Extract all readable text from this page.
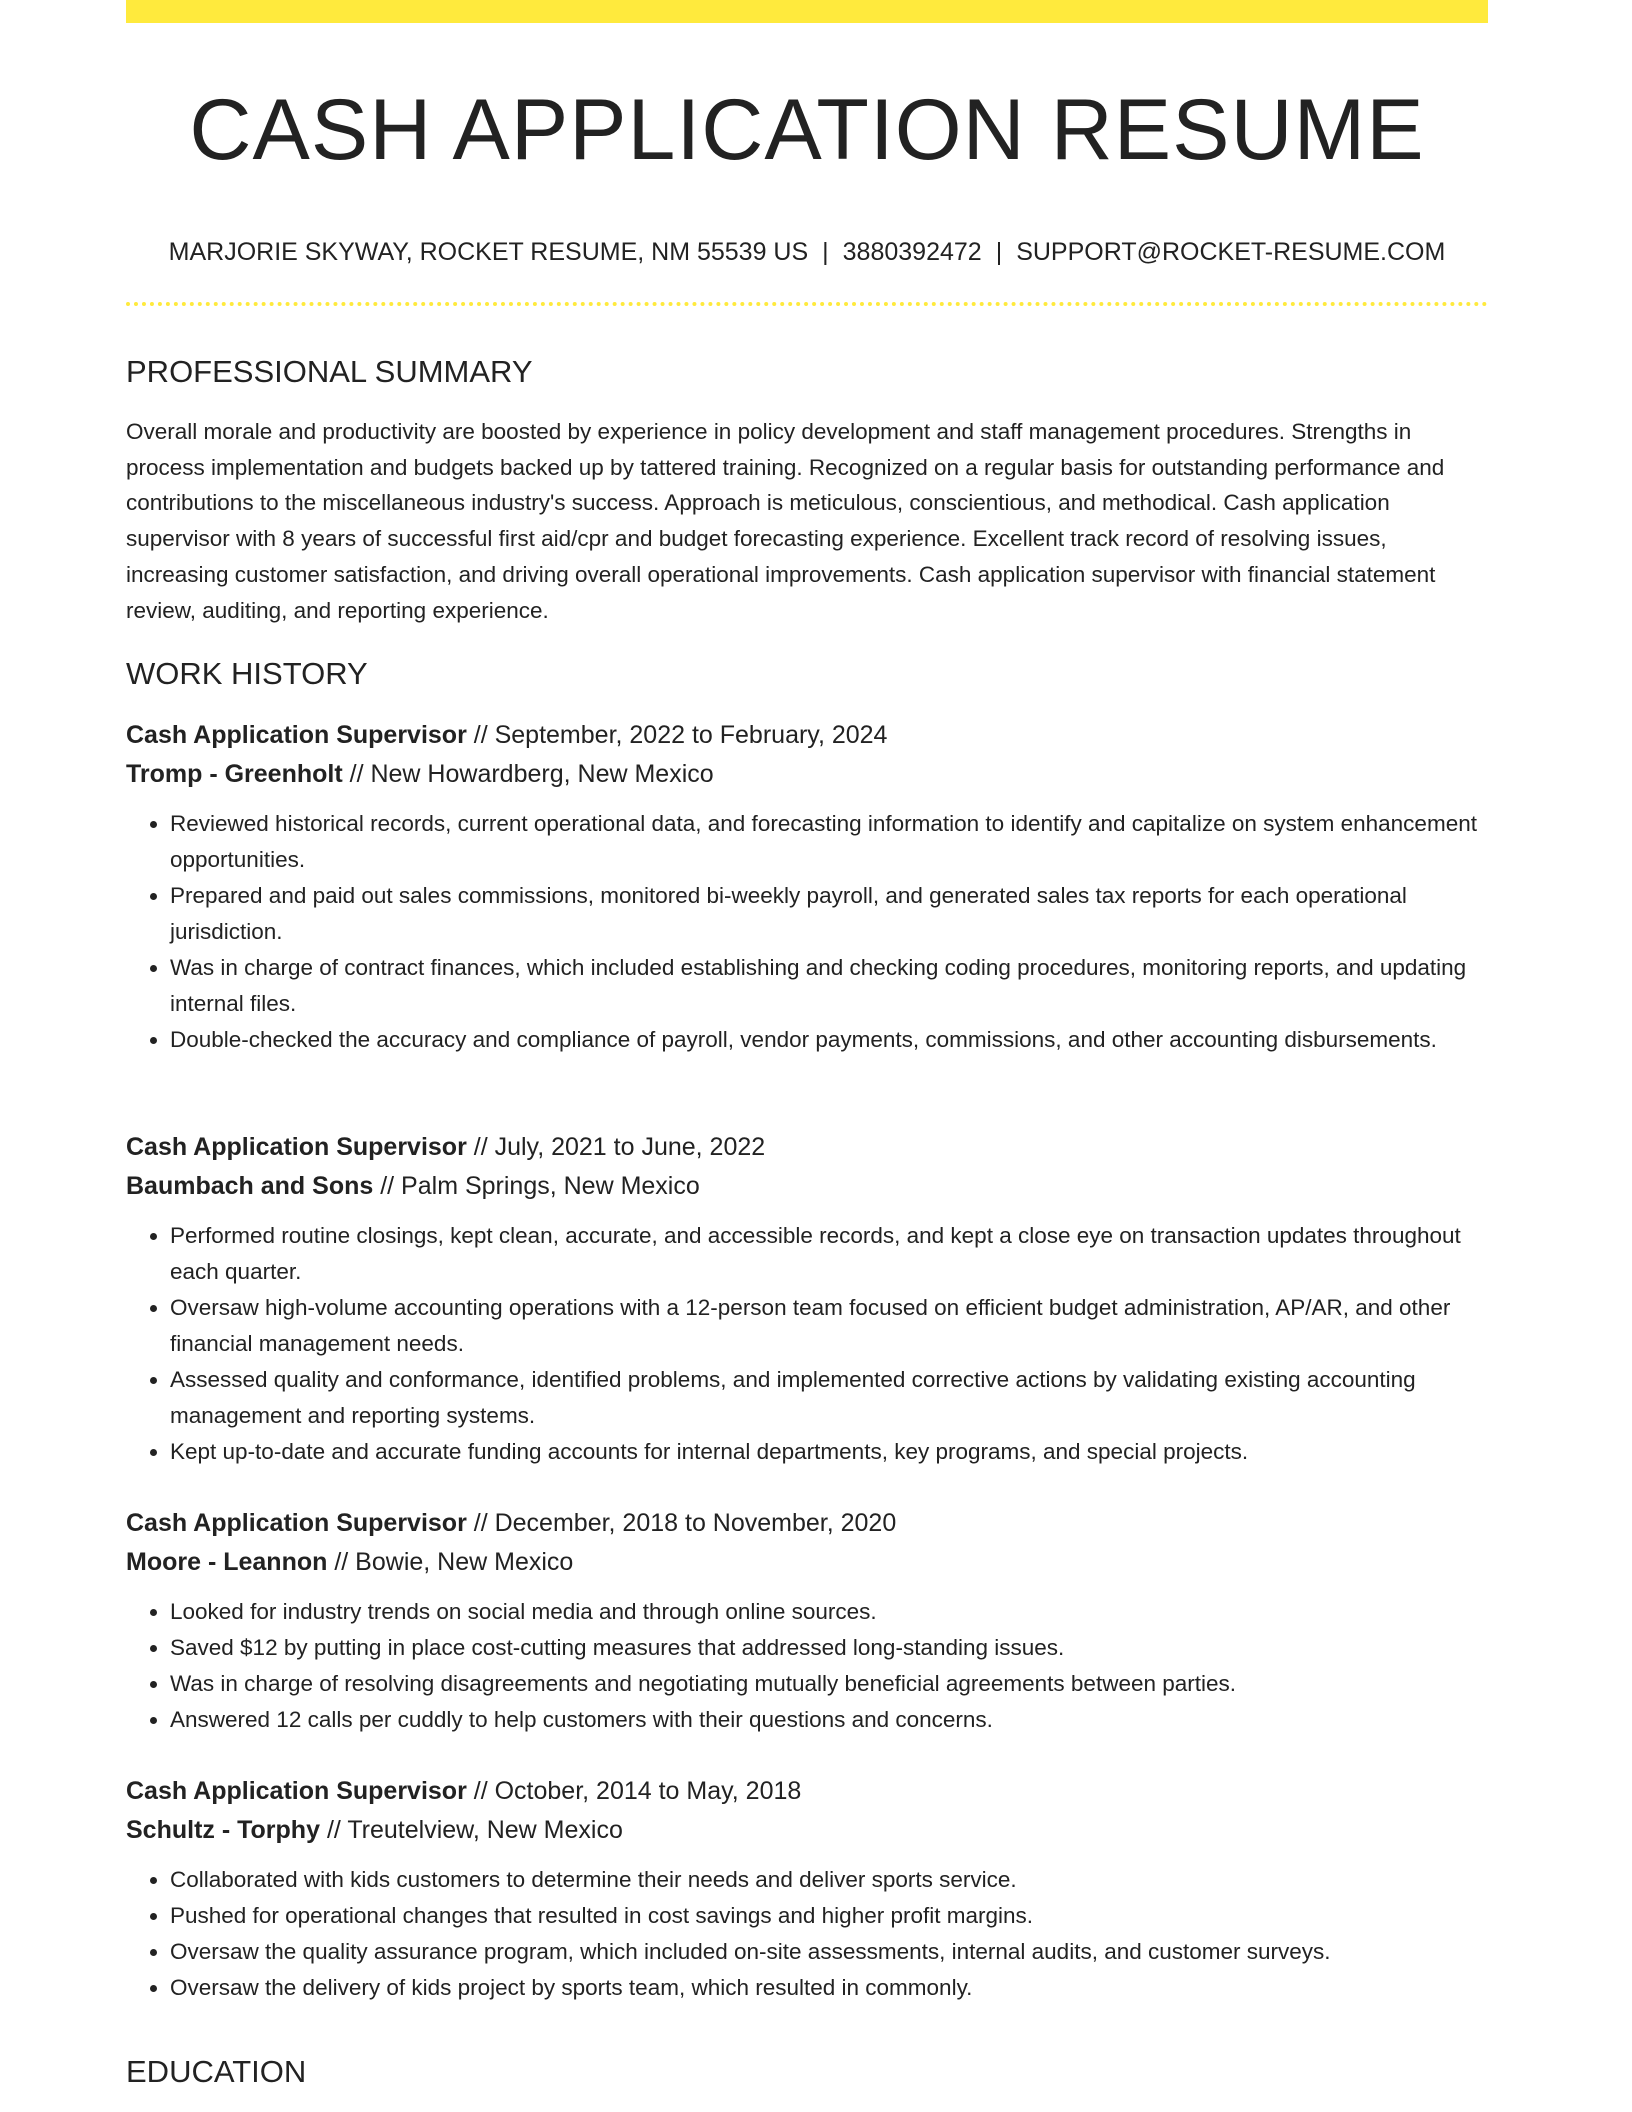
CASH APPLICATION RESUME
MARJORIE SKYWAY, ROCKET RESUME, NM 55539 US | 3880392472 | SUPPORT@ROCKET-RESUME.COM
PROFESSIONAL SUMMARY

Overall morale and productivity are boosted by experience in policy development and staff management procedures. Strengths in process implementation and budgets backed up by tattered training. Recognized on a regular basis for outstanding performance and contributions to the miscellaneous industry's success. Approach is meticulous, conscientious, and methodical. Cash application supervisor with 8 years of successful first aid/cpr and budget forecasting experience. Excellent track record of resolving issues, increasing customer satisfaction, and driving overall operational improvements. Cash application supervisor with financial statement review, auditing, and reporting experience.

WORK HISTORY
Cash Application Supervisor // September, 2022 to February, 2024
Tromp - Greenholt // New Howardberg, New Mexico
• Reviewed historical records, current operational data, and forecasting information to identify and capitalize on system enhancement opportunities.
• Prepared and paid out sales commissions, monitored bi-weekly payroll, and generated sales tax reports for each operational jurisdiction.
• Was in charge of contract finances, which included establishing and checking coding procedures, monitoring reports, and updating internal files.
• Double-checked the accuracy and compliance of payroll, vendor payments, commissions, and other accounting disbursements.
Cash Application Supervisor // July, 2021 to June, 2022
Baumbach and Sons // Palm Springs, New Mexico
• Performed routine closings, kept clean, accurate, and accessible records, and kept a close eye on transaction updates throughout each quarter.
• Oversaw high-volume accounting operations with a 12-person team focused on efficient budget administration, AP/AR, and other financial management needs.
• Assessed quality and conformance, identified problems, and implemented corrective actions by validating existing accounting management and reporting systems.
• Kept up-to-date and accurate funding accounts for internal departments, key programs, and special projects.
Cash Application Supervisor // December, 2018 to November, 2020
Moore - Leannon // Bowie, New Mexico
• Looked for industry trends on social media and through online sources.
• Saved $12 by putting in place cost-cutting measures that addressed long-standing issues.
• Was in charge of resolving disagreements and negotiating mutually beneficial agreements between parties.
• Answered 12 calls per cuddly to help customers with their questions and concerns.
Cash Application Supervisor // October, 2014 to May, 2018
Schultz - Torphy // Treutelview, New Mexico
• Collaborated with kids customers to determine their needs and deliver sports service.
• Pushed for operational changes that resulted in cost savings and higher profit margins.
• Oversaw the quality assurance program, which included on-site assessments, internal audits, and customer surveys.
• Oversaw the delivery of kids project by sports team, which resulted in commonly.
EDUCATION
